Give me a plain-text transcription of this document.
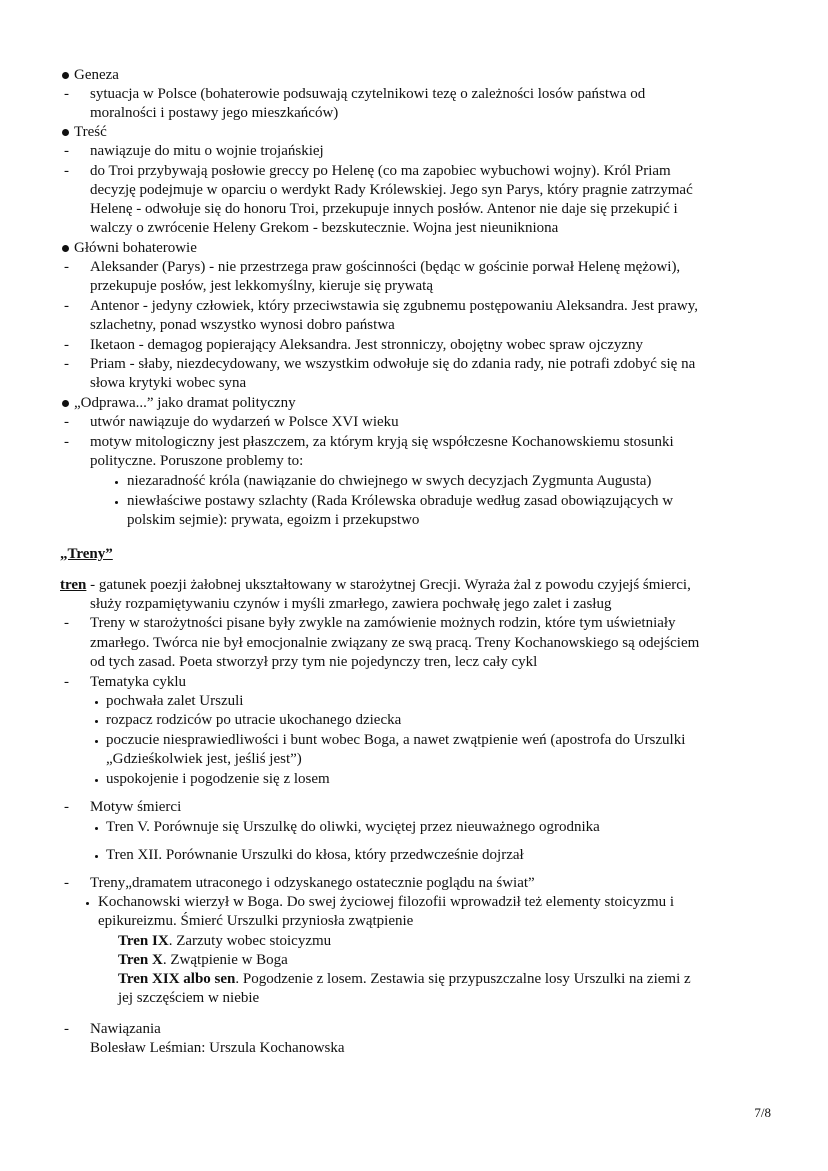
Geneza
- sytuacja w Polsce (bohaterowie podsuwają czytelnikowi tezę o zależności losów państwa od
moralności i postawy jego mieszkańców)
Treść
- nawiązuje do mitu o wojnie trojańskiej
- do Troi przybywają posłowie greccy po Helenę (co ma zapobiec wybuchowi wojny). Król Priam
decyzję podejmuje w oparciu o werdykt Rady Królewskiej. Jego syn Parys, który pragnie zatrzymać
Helenę - odwołuje się do honoru Troi, przekupuje innych posłów. Antenor nie daje się przekupić i
walczy o zwrócenie Heleny Grekom - bezskutecznie. Wojna jest nieunikniona
Główni bohaterowie
- Aleksander (Parys) - nie przestrzega praw gościnności (będąc w gościnie porwał Helenę mężowi),
przekupuje posłów, jest lekkomyślny, kieruje się prywatą
- Antenor - jedyny człowiek, który przeciwstawia się zgubnemu postępowaniu Aleksandra. Jest prawy,
szlachetny, ponad wszystko wynosi dobro państwa
- Iketaon - demagog popierający Aleksandra. Jest stronniczy, obojętny wobec spraw ojczyzny
- Priam - słaby, niezdecydowany, we wszystkim odwołuje się do zdania rady, nie potrafi zdobyć się na
słowa krytyki wobec syna
„Odprawa...” jako dramat polityczny
- utwór nawiązuje do wydarzeń w Polsce XVI wieku
- motyw mitologiczny jest płaszczem, za którym kryją się współczesne Kochanowskiemu stosunki
polityczne. Poruszone problemy to:
niezaradność króla (nawiązanie do chwiejnego w swych decyzjach Zygmunta Augusta)
niewłaściwe postawy szlachty (Rada Królewska obraduje według zasad obowiązujących w
polskim sejmie): prywata, egoizm i przekupstwo
„Treny”
tren - gatunek poezji żałobnej ukształtowany w starożytnej Grecji. Wyraża żal z powodu czyjejś śmierci,
służy rozpamiętywaniu czynów i myśli zmarłego, zawiera pochwałę jego zalet i zasług
- Treny w starożytności pisane były zwykle na zamówienie możnych rodzin, które tym uświetniały
zmarłego. Twórca nie był emocjonalnie związany ze swą pracą. Treny Kochanowskiego są odejściem
od tych zasad. Poeta stworzył przy tym nie pojedynczy tren, lecz cały cykl
- Tematyka cyklu
pochwała zalet Urszuli
rozpacz rodziców po utracie ukochanego dziecka
poczucie niesprawiedliwości i bunt wobec Boga, a nawet zwątpienie weń (apostrofa do Urszulki
„Gdzieśkolwiek jest, jeśliś jest”)
uspokojenie i pogodzenie się z losem
- Motyw śmierci
Tren V. Porównuje się Urszulkę do oliwki, wyciętej przez nieuważnego ogrodnika
Tren XII. Porównanie Urszulki do kłosa, który przedwcześnie dojrzał
- Treny„dramatem utraconego i odzyskanego ostatecznie poglądu na świat”
Kochanowski wierzył w Boga. Do swej życiowej filozofii wprowadził też elementy stoicyzmu i
epikureizmu. Śmierć Urszulki przyniosła zwątpienie
Tren IX. Zarzuty wobec stoicyzmu
Tren X. Zwątpienie w Boga
Tren XIX albo sen. Pogodzenie z losem. Zestawia się przypuszczalne losy Urszulki na ziemi z
jej szczęściem w niebie
- Nawiązania
Bolesław Leśmian: Urszula Kochanowska
7/8
